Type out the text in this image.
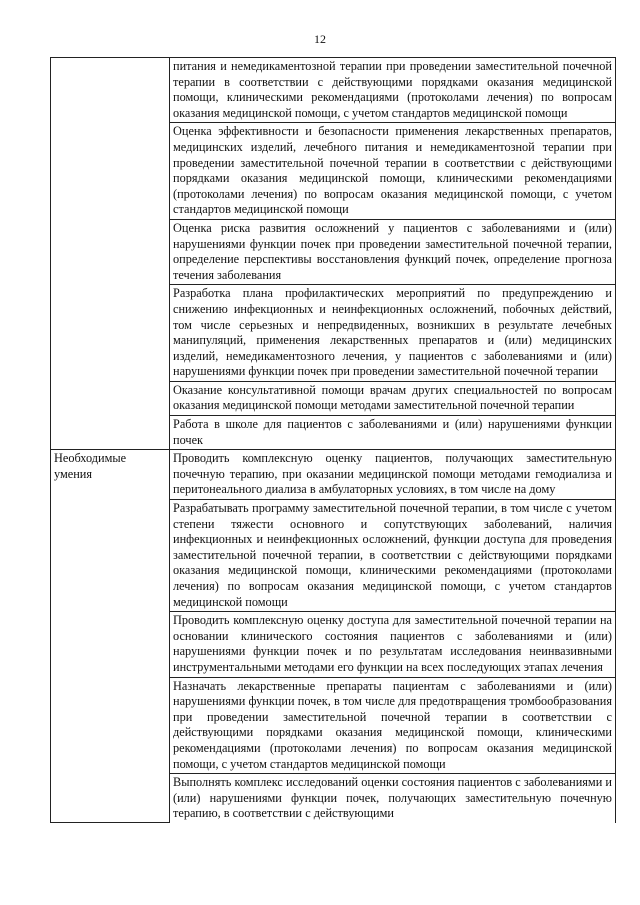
12
	питания и немедикаментозной терапии при проведении заместительной почечной терапии в соответствии с действующими порядками оказания медицинской помощи, клиническими рекомендациями (протоколами лечения) по вопросам оказания медицинской помощи, с учетом стандартов медицинской помощи
	Оценка эффективности и безопасности применения лекарственных препаратов, медицинских изделий, лечебного питания и немедикаментозной терапии при проведении заместительной почечной терапии в соответствии с действующими порядками оказания медицинской помощи, клиническими рекомендациями (протоколами лечения) по вопросам оказания медицинской помощи, с учетом стандартов медицинской помощи
	Оценка риска развития осложнений у пациентов с заболеваниями и (или) нарушениями функции почек при проведении заместительной почечной терапии, определение перспективы восстановления функций почек, определение прогноза течения заболевания
	Разработка плана профилактических мероприятий по предупреждению и снижению инфекционных и неинфекционных осложнений, побочных действий, том числе серьезных и непредвиденных, возникших в результате лечебных манипуляций, применения лекарственных препаратов и (или) медицинских изделий, немедикаментозного лечения, у пациентов с заболеваниями и (или) нарушениями функции почек при проведении заместительной почечной терапии
	Оказание консультативной помощи врачам других специальностей по вопросам оказания медицинской помощи методами заместительной почечной терапии
	Работа в школе для пациентов с заболеваниями и (или) нарушениями функции почек
Необходимые умения	Проводить комплексную оценку пациентов, получающих заместительную почечную терапию, при оказании медицинской помощи методами гемодиализа и перитонеального диализа в амбулаторных условиях, в том числе на дому
	Разрабатывать программу заместительной почечной терапии, в том числе с учетом степени тяжести основного и сопутствующих заболеваний, наличия инфекционных и неинфекционных осложнений, функции доступа для проведения заместительной почечной терапии, в соответствии с действующими порядками оказания медицинской помощи, клиническими рекомендациями (протоколами лечения) по вопросам оказания медицинской помощи, с учетом стандартов медицинской помощи
	Проводить комплексную оценку доступа для заместительной почечной терапии на основании клинического состояния пациентов с заболеваниями и (или) нарушениями функции почек и по результатам исследования неинвазивными инструментальными методами его функции на всех последующих этапах лечения
	Назначать лекарственные препараты пациентам с заболеваниями и (или) нарушениями функции почек, в том числе для предотвращения тромбообразования при проведении заместительной почечной терапии в соответствии с действующими порядками оказания медицинской помощи, клиническими рекомендациями (протоколами лечения) по вопросам оказания медицинской помощи, с учетом стандартов медицинской помощи
	Выполнять комплекс исследований оценки состояния пациентов с заболеваниями и (или) нарушениями функции почек, получающих заместительную почечную терапию, в соответствии с действующими
